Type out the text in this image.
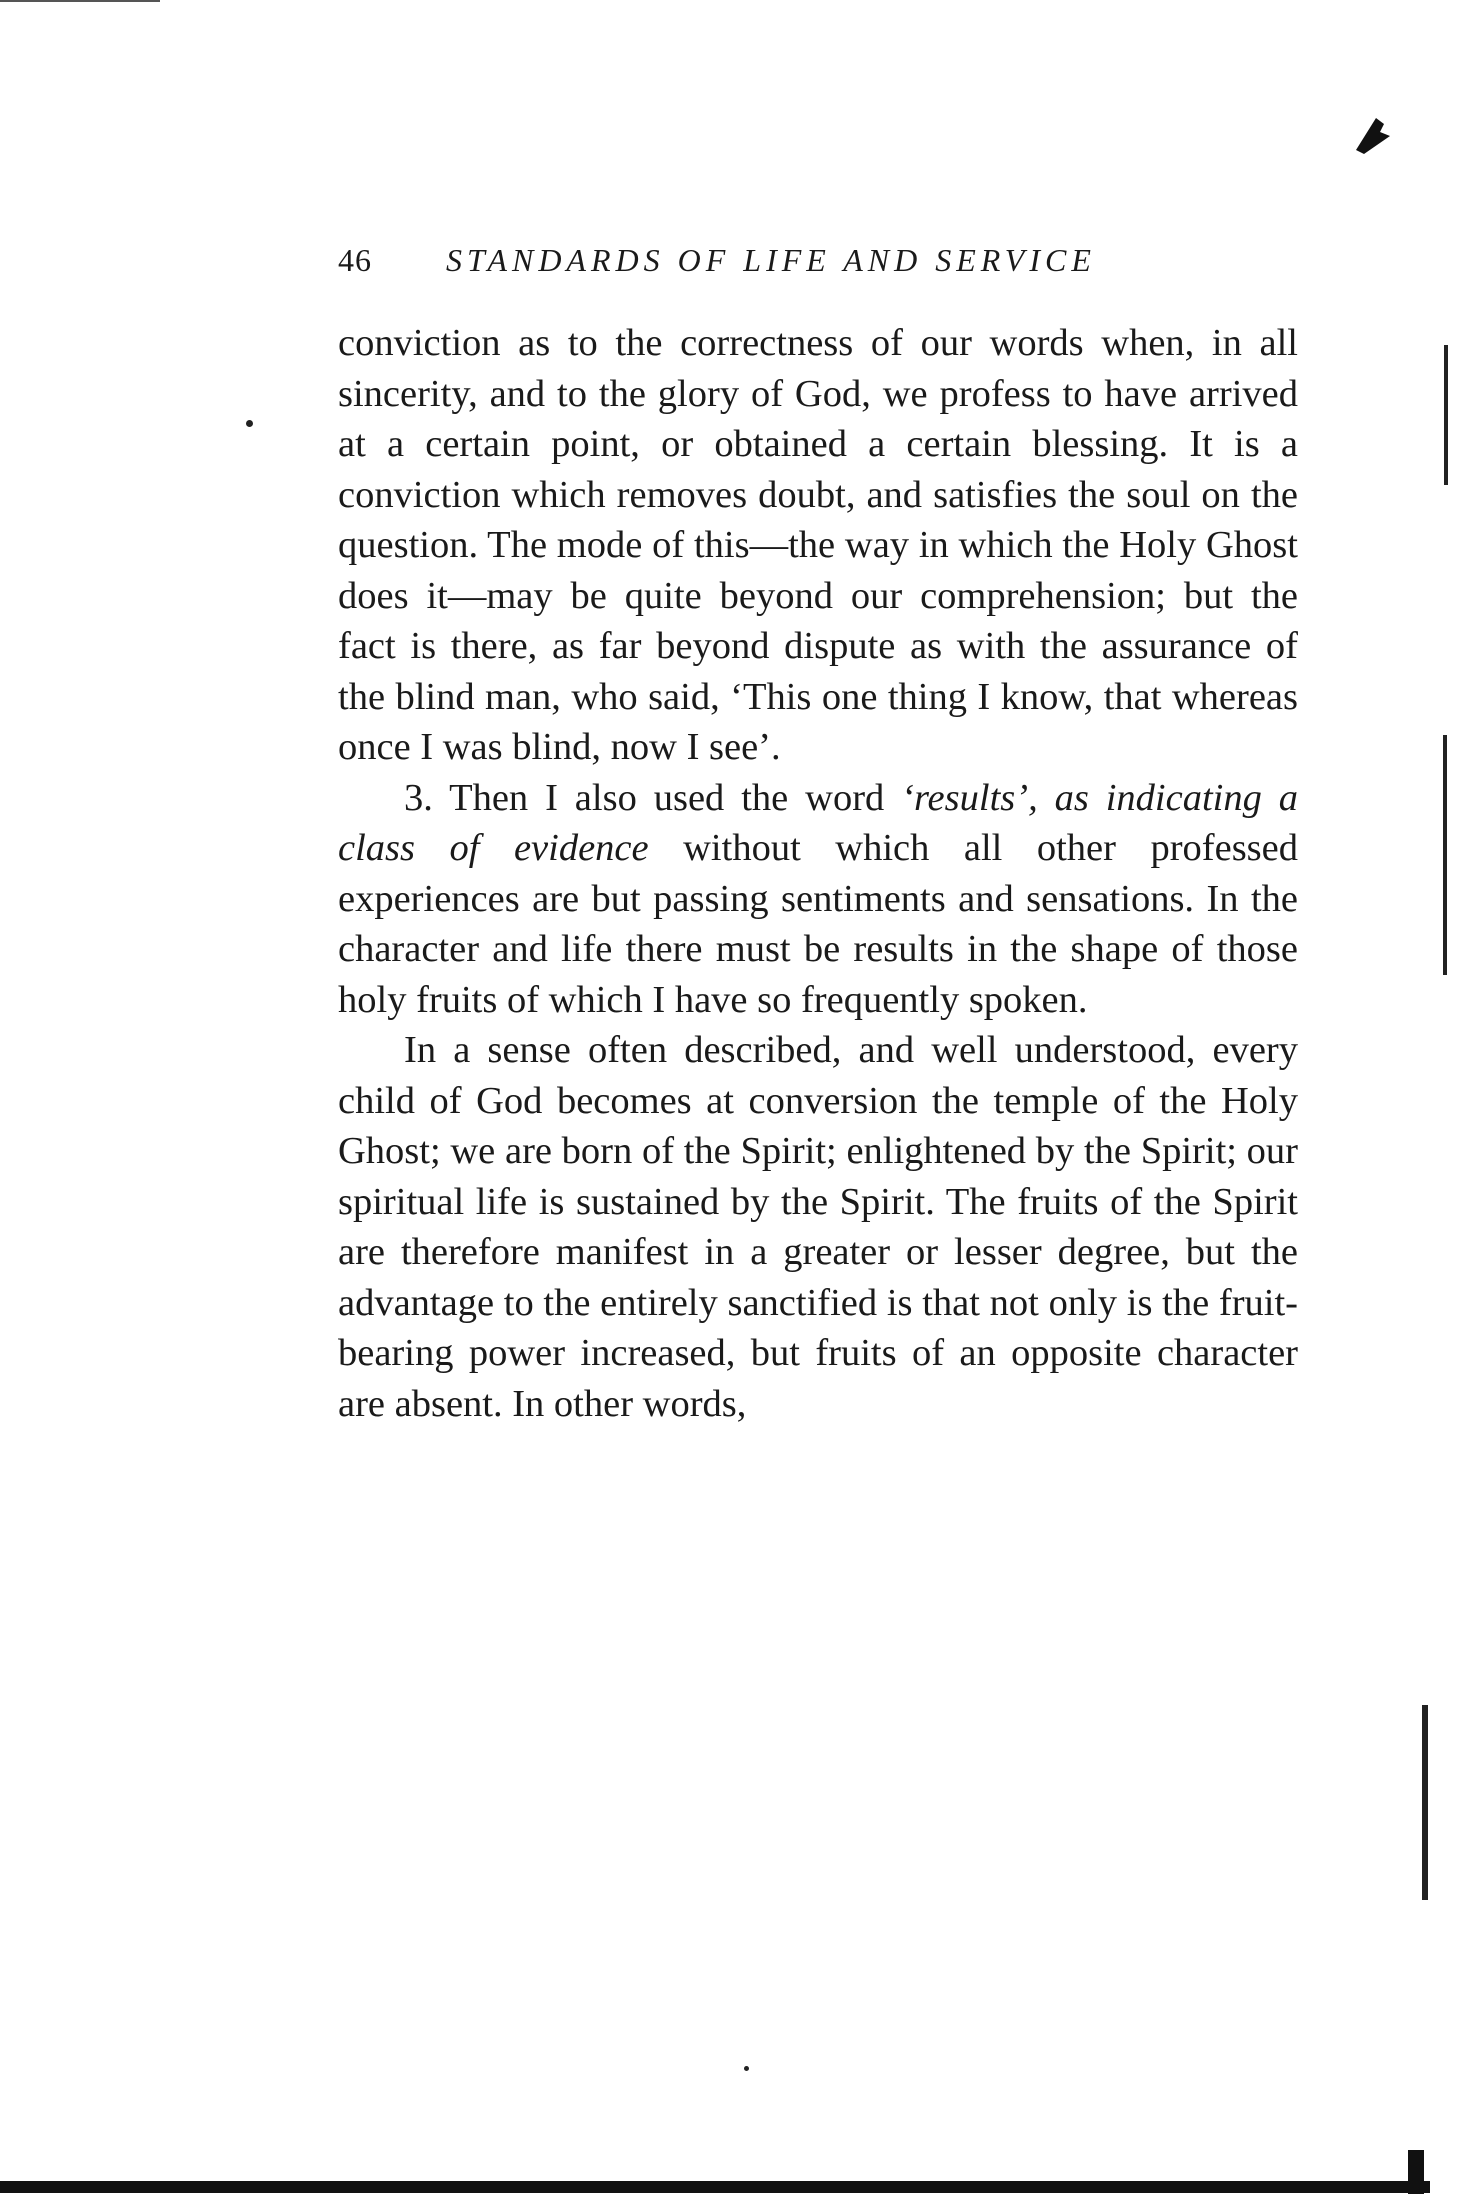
46 STANDARDS OF LIFE AND SERVICE

conviction as to the correctness of our words when, in all sincerity, and to the glory of God, we profess to have arrived at a certain point, or obtained a certain blessing. It is a conviction which removes doubt, and satisfies the soul on the question. The mode of this—the way in which the Holy Ghost does it—may be quite beyond our comprehension; but the fact is there, as far beyond dispute as with the assurance of the blind man, who said, ‘This one thing I know, that whereas once I was blind, now I see’.

3. Then I also used the word ‘results’, as indicating a class of evidence without which all other professed experiences are but passing sentiments and sensations. In the character and life there must be results in the shape of those holy fruits of which I have so frequently spoken.

In a sense often described, and well understood, every child of God becomes at conversion the temple of the Holy Ghost; we are born of the Spirit; enlightened by the Spirit; our spiritual life is sustained by the Spirit. The fruits of the Spirit are therefore manifest in a greater or lesser degree, but the advantage to the entirely sanctified is that not only is the fruit-bearing power increased, but fruits of an opposite character are absent. In other words,
